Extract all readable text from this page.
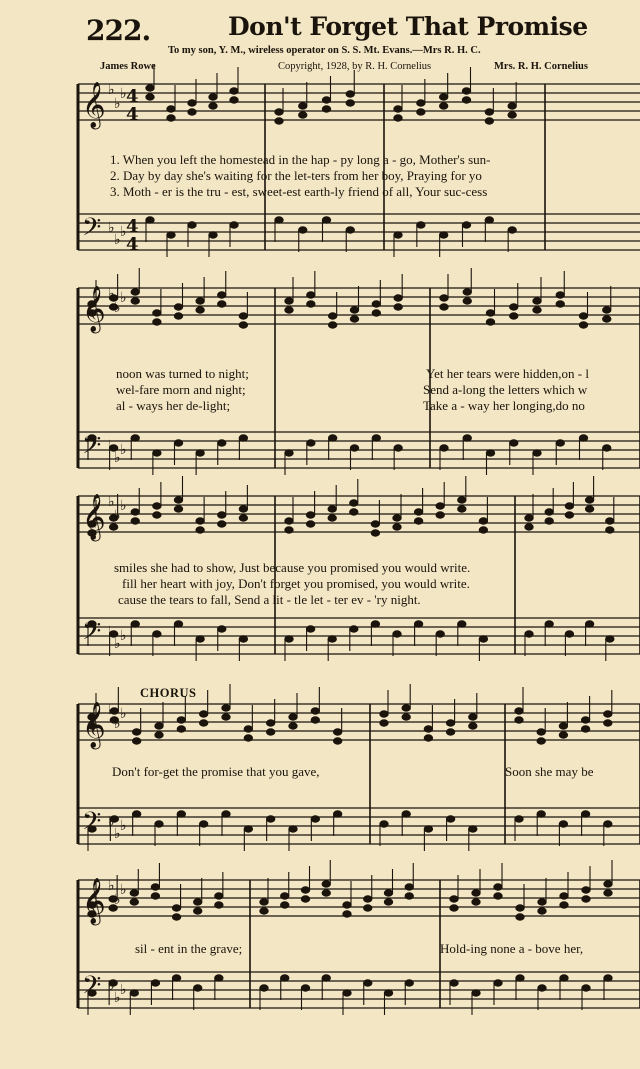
222.	Don't Forget That Promise
To my son, Y. M., wireless operator on S. S. Mt. Evans.—Mrs R. H. C.
James Rowe	Copyright, 1928, by R. H. Cornelius	Mrs. R. H. Cornelius
𝄞 ♭
♭
♭ 4
4
𝄢 ♭
♭ ♭ 4
4
𝄞 ♭
♭
♭
𝄢 ♭
♭ ♭
𝄞 ♭
♭
♭
𝄢 ♭
♭ ♭
𝄞 ♭
♭
♭
𝄢 ♭
♭ ♭
𝄞 ♭
♭
♭
𝄢 ♭
♭ ♭
1. When you left the homestead in the hap - py long a - go, Mother's sun-
2. Day by day she's waiting for the let-ters from her boy, Praying for yo
3. Moth - er is the tru - est, sweet-est earth-ly friend of all, Your suc-cess
noon was turned to night;
wel-fare morn and night;
al - ways her de-light;
Yet her tears were hidden,on - l
Send a-long the letters which w
Take a - way her longing,do no
smiles she had to show, Just because you promised you would write.
fill her heart with joy, Don't forget you promised, you would write.
cause the tears to fall, Send a lit - tle let - ter ev - 'ry night.
CHORUS
Don't for-get the promise that you gave,	Soon she may be
sil - ent in the grave;	Hold-ing none a - bove her,
